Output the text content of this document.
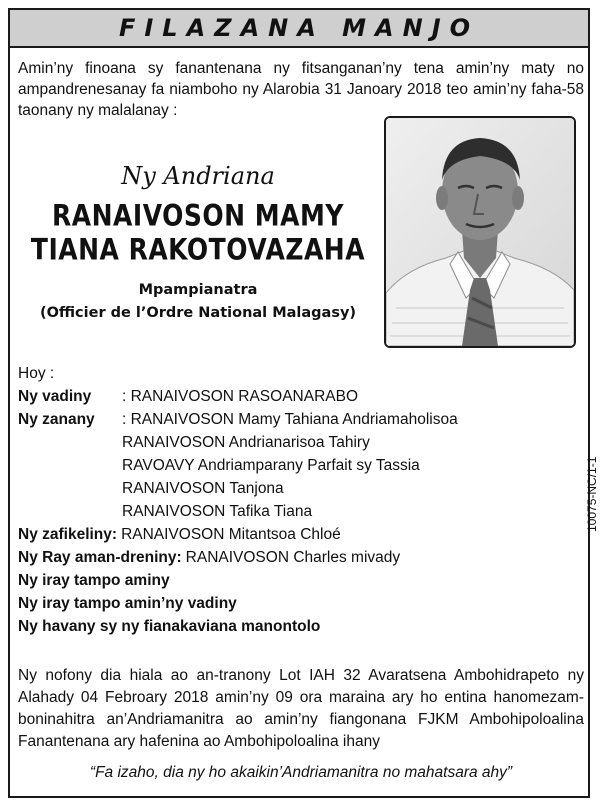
FILAZANA MANJO
Amin’ny finoana sy fanantenana ny fitsanganan’ny tena amin’ny maty no ampandrenesanay fa niamboho ny Alarobia 31 Janoary 2018 teo amin’ny faha-58 taonany ny malalanay :
Ny Andriana
RANAIVOSON MAMY
TIANA RAKOTOVAZAHA
Mpampianatra
(Officier de l’Ordre National Malagasy)
Hoy :
Ny vadiny	: RANAIVOSON RASOANARABO
Ny zanany	: RANAIVOSON Mamy Tahiana Andriamaholisoa
RANAIVOSON Andrianarisoa Tahiry
RAVOAVY Andriamparany Parfait sy Tassia
RANAIVOSON Tanjona
RANAIVOSON Tafika Tiana
Ny zafikeliny: RANAIVOSON Mitantsoa Chloé
Ny Ray aman-dreniny: RANAIVOSON Charles mivady
Ny iray tampo aminy
Ny iray tampo amin’ny vadiny
Ny havany sy ny fianakaviana manontolo
10075-NC/1-1
Ny nofony dia hiala ao an-tranony Lot IAH 32 Avaratsena Ambohidrapeto ny Alahady 04 Febroary 2018 amin’ny 09 ora maraina ary ho entina hanomezam-boninahitra an’Andriamanitra ao amin’ny fiangonana FJKM Ambohipoloalina Fanantenana ary hafenina ao Ambohipoloalina ihany
“Fa izaho, dia ny ho akaikin’Andriamanitra no mahatsara ahy”
